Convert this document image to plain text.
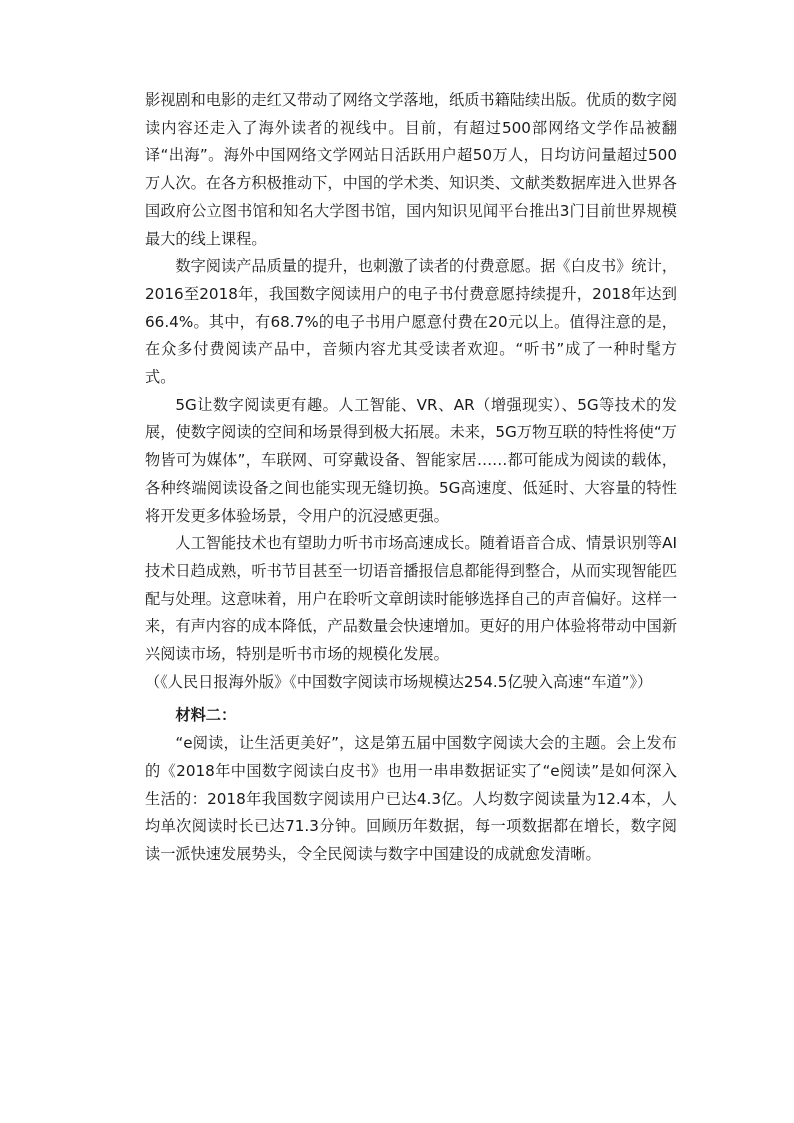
影视剧和电影的走红又带动了网络文学落地，纸质书籍陆续出版。优质的数字阅读内容还走入了海外读者的视线中。目前，有超过500部网络文学作品被翻译“出海”。海外中国网络文学网站日活跃用户超50万人，日均访问量超过500万人次。在各方积极推动下，中国的学术类、知识类、文献类数据库进入世界各国政府公立图书馆和知名大学图书馆，国内知识见闻平台推出3门目前世界规模最大的线上课程。

数字阅读产品质量的提升，也刺激了读者的付费意愿。据《白皮书》统计，2016至2018年，我国数字阅读用户的电子书付费意愿持续提升，2018年达到66.4%。其中，有68.7%的电子书用户愿意付费在20元以上。值得注意的是，在众多付费阅读产品中，音频内容尤其受读者欢迎。“听书”成了一种时髦方式。

5G让数字阅读更有趣。人工智能、VR、AR（增强现实）、5G等技术的发展，使数字阅读的空间和场景得到极大拓展。未来，5G万物互联的特性将使“万物皆可为媒体”，车联网、可穿戴设备、智能家居……都可能成为阅读的载体，各种终端阅读设备之间也能实现无缝切换。5G高速度、低延时、大容量的特性将开发更多体验场景，令用户的沉浸感更强。

人工智能技术也有望助力听书市场高速成长。随着语音合成、情景识别等AI技术日趋成熟，听书节目甚至一切语音播报信息都能得到整合，从而实现智能匹配与处理。这意味着，用户在聆听文章朗读时能够选择自己的声音偏好。这样一来，有声内容的成本降低，产品数量会快速增加。更好的用户体验将带动中国新兴阅读市场，特别是听书市场的规模化发展。

（《人民日报海外版》《中国数字阅读市场规模达254.5亿驶入高速“车道”》）

材料二：

“e阅读，让生活更美好”，这是第五届中国数字阅读大会的主题。会上发布的《2018年中国数字阅读白皮书》也用一串串数据证实了“e阅读”是如何深入生活的：2018年我国数字阅读用户已达4.3亿。人均数字阅读量为12.4本，人均单次阅读时长已达71.3分钟。回顾历年数据，每一项数据都在增长，数字阅读一派快速发展势头，令全民阅读与数字中国建设的成就愈发清晰。
